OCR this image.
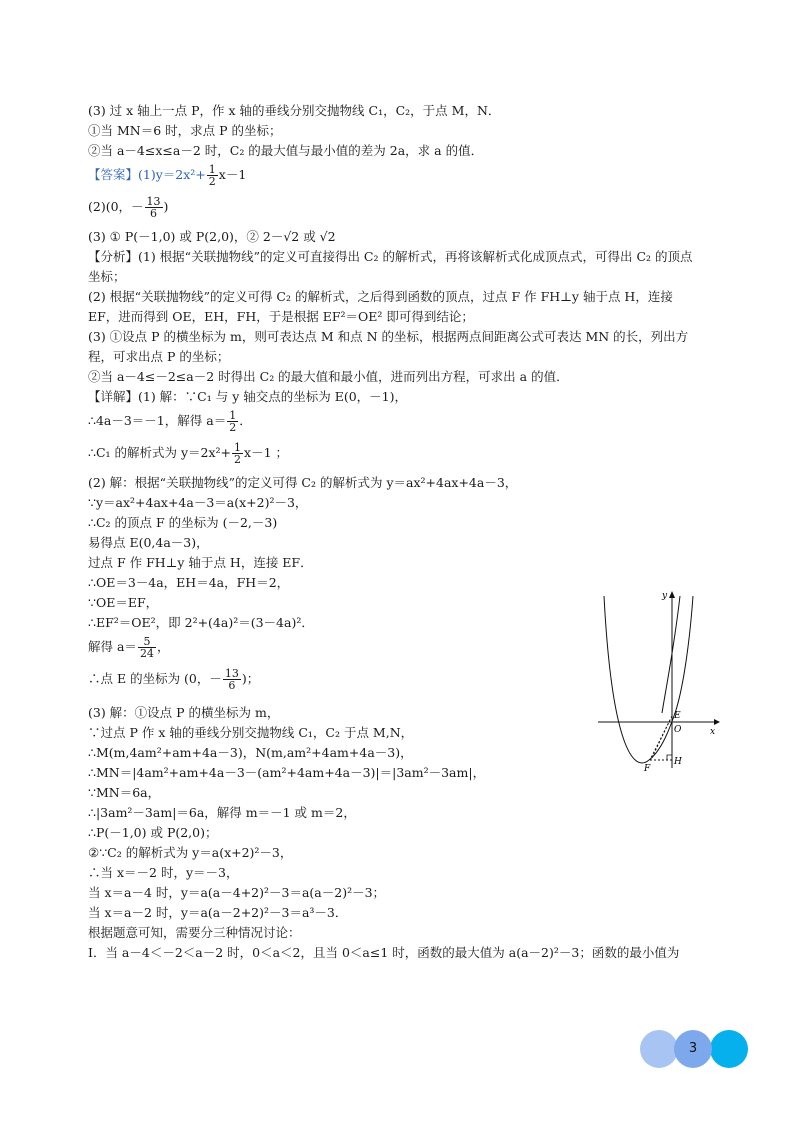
(3) 过 x 轴上一点 P，作 x 轴的垂线分别交抛物线 C₁，C₂，于点 M，N．
①当 MN＝6 时，求点 P 的坐标；
②当 a－4≤x≤a－2 时，C₂ 的最大值与最小值的差为 2a，求 a 的值．
【答案】$(1)y=2x^2+ \frac{1}{2} x-1$
(2)(0，－ $\frac{13}{6}$ )
(3) ① P(－1,0) 或 P(2,0)，② 2－√2 或 √2
【分析】(1) 根据“关联抛物线”的定义可直接得出 C₂ 的解析式，再将该解析式化成顶点式，可得出 C₂ 的顶点
坐标；
(2) 根据“关联抛物线”的定义可得 C₂ 的解析式，之后得到函数的顶点，过点 F 作 FH⊥y 轴于点 H，连接
EF，进而得到 OE，EH，FH，于是根据 EF²＝OE² 即可得到结论；
(3) ①设点 P 的横坐标为 m，则可表达点 M 和点 N 的坐标，根据两点间距离公式可表达 MN 的长，列出方
程，可求出点 P 的坐标；
②当 a－4≤－2≤a－2 时得出 C₂ 的最大值和最小值，进而列出方程，可求出 a 的值．
【详解】(1) 解：∵C₁ 与 y 轴交点的坐标为 E(0，－1)，
∴4a－3＝－1，解得 $a= \frac{1}{2}$ ．
∴C₁ 的解析式为 $y=2x^2+ \frac{1}{2} x-1$ ；
(2) 解：根据“关联抛物线”的定义可得 C₂ 的解析式为 y＝ax²+4ax+4a－3，
∵y＝ax²+4ax+4a－3＝a(x+2)²－3，
∴C₂ 的顶点 F 的坐标为 (－2,－3)
易得点 E(0,4a－3)，
过点 F 作 FH⊥y 轴于点 H，连接 EF．
∴OE＝3－4a，EH＝4a，FH＝2，
∵OE＝EF，
∴EF²＝OE²，即 2²+(4a)²＝(3－4a)²．
解得 $a= \frac{5}{24}$ ，
∴点 E 的坐标为 (0，－ $\frac{13}{6}$ )；
(3) 解：①设点 P 的横坐标为 m，
∵过点 P 作 x 轴的垂线分别交抛物线 C₁，C₂ 于点 M,N，
∴M(m,4am²+am+4a－3)，N(m,am²+4am+4a－3)，
∴MN＝|4am²+am+4a－3－(am²+4am+4a－3)|＝|3am²－3am|，
∵MN＝6a，
∴|3am²－3am|＝6a，解得 m＝－1 或 m＝2，
∴P(－1,0) 或 P(2,0)；
②∵C₂ 的解析式为 y＝a(x+2)²－3，
∴当 x＝－2 时，y＝－3，
当 x＝a－4 时，y＝a(a－4+2)²－3＝a(a－2)²－3；
当 x＝a－2 时，y＝a(a－2+2)²－3＝a³－3．
根据题意可知，需要分三种情况讨论：
Ⅰ．当 a－4＜－2＜a－2 时，0＜a＜2，且当 0＜a≤1 时，函数的最大值为 a(a－2)²－3；函数的最小值为
y
x
E
O
F
H
3
